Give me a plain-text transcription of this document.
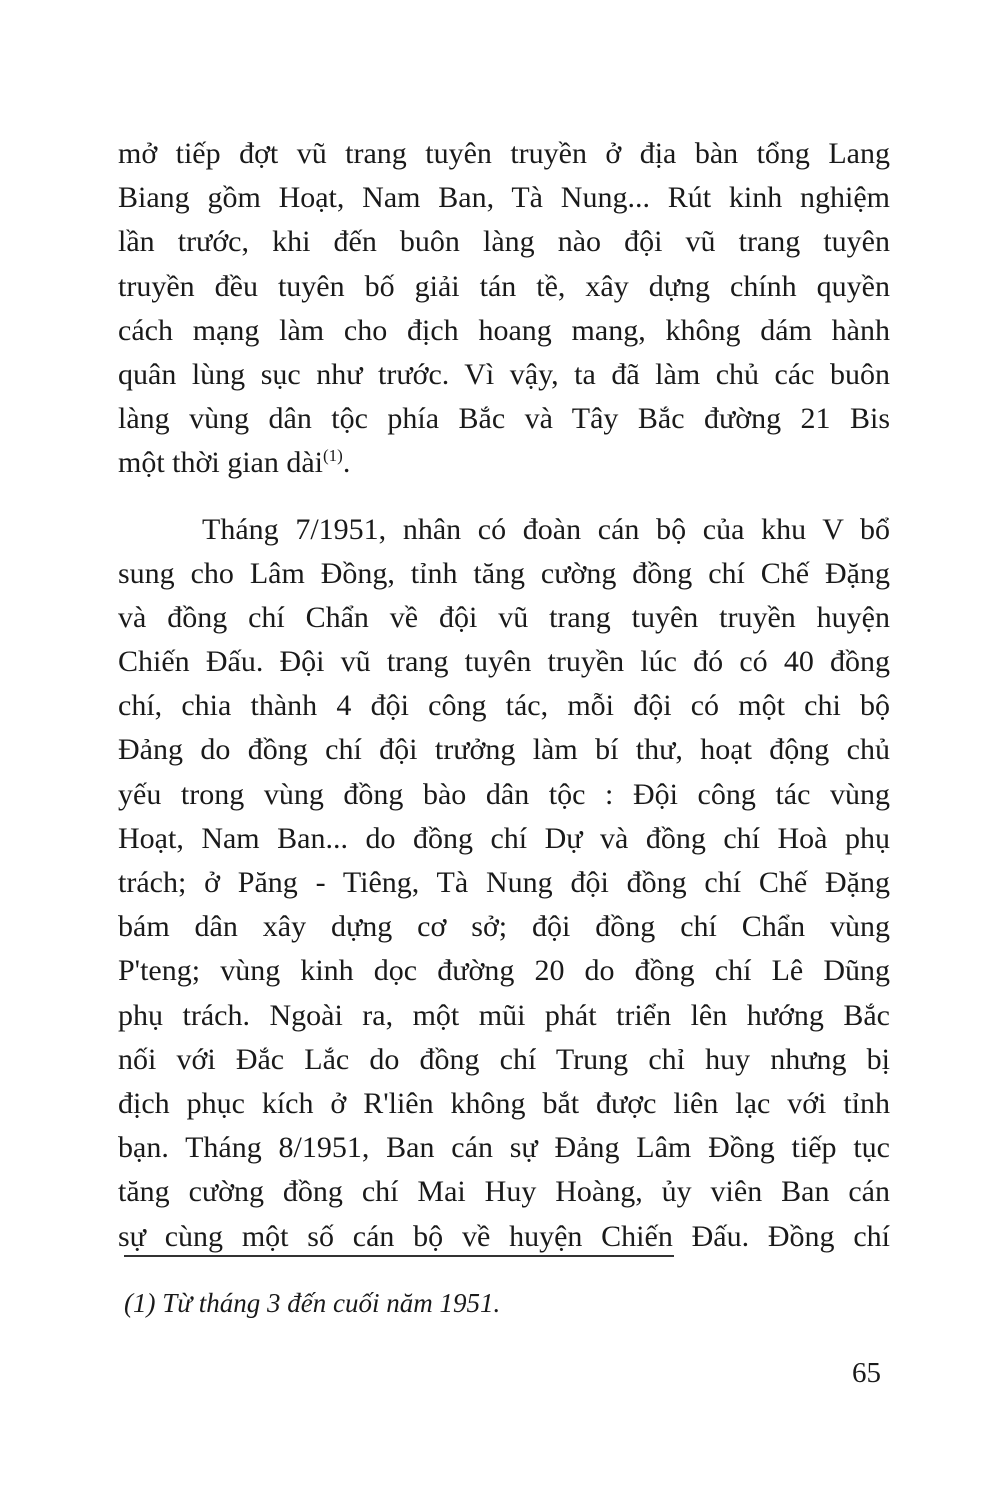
mở tiếp đợt vũ trang tuyên truyền ở địa bàn tổng Lang
Biang gồm Hoạt, Nam Ban, Tà Nung... Rút kinh nghiệm
lần trước, khi đến buôn làng nào đội vũ trang tuyên
truyền đều tuyên bố giải tán tề, xây dựng chính quyền
cách mạng làm cho địch hoang mang, không dám hành
quân lùng sục như trước. Vì vậy, ta đã làm chủ các buôn
làng vùng dân tộc phía Bắc và Tây Bắc đường 21 Bis
một thời gian dài$^{(1)}$.
Tháng 7/1951, nhân có đoàn cán bộ của khu V bổ
sung cho Lâm Đồng, tỉnh tăng cường đồng chí Chế Đặng
và đồng chí Chẩn về đội vũ trang tuyên truyền huyện
Chiến Đấu. Đội vũ trang tuyên truyền lúc đó có 40 đồng
chí, chia thành 4 đội công tác, mỗi đội có một chi bộ
Đảng do đồng chí đội trưởng làm bí thư, hoạt động chủ
yếu trong vùng đồng bào dân tộc : Đội công tác vùng
Hoạt, Nam Ban... do đồng chí Dự và đồng chí Hoà phụ
trách; ở Păng - Tiêng, Tà Nung đội đồng chí Chế Đặng
bám dân xây dựng cơ sở; đội đồng chí Chẩn vùng
P'teng; vùng kinh dọc đường 20 do đồng chí Lê Dũng
phụ trách. Ngoài ra, một mũi phát triển lên hướng Bắc
nối với Đắc Lắc do đồng chí Trung chỉ huy nhưng bị
địch phục kích ở R'liên không bắt được liên lạc với tỉnh
bạn. Tháng 8/1951, Ban cán sự Đảng Lâm Đồng tiếp tục
tăng cường đồng chí Mai Huy Hoàng, ủy viên Ban cán
sự cùng một số cán bộ về huyện Chiến Đấu. Đồng chí
(1) Từ tháng 3 đến cuối năm 1951.
65
